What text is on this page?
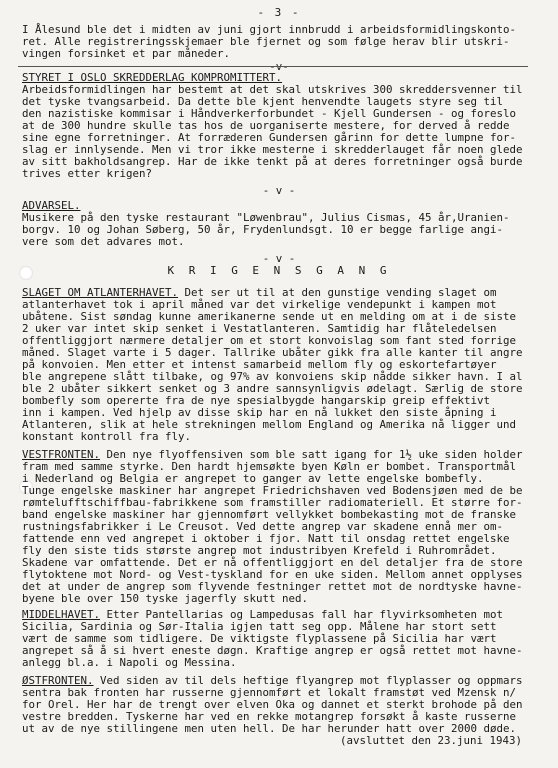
- 3 -
I Ålesund ble det i midten av juni gjort innbrudd i arbeidsformidlingskonto-
ret. Alle registreringsskjemaer ble fjernet og som følge herav blir utskri-
vingen forsinket et par måneder.
-v-
STYRET I OSLO SKREDDERLAG KOMPROMITTERT.
Arbeidsformidlingen har bestemt at det skal utskrives 300 skreddersvenner til
det tyske tvangsarbeid. Da dette ble kjent henvendte laugets styre seg til
den nazistiske kommisar i Håndverkerforbundet - Kjell Gundersen - og foreslo
at de 300 hundre skulle tas hos de uorganiserte mestere, for derved å redde
sine egne forretninger. At forræderen Gundersen gårinn for dette lumpne for-
slag er innlysende. Men vi tror ikke mesterne i skredderlauget får noen glede
av sitt bakholdsangrep. Har de ikke tenkt på at deres forretninger også burde
trives etter krigen?
- v -
ADVARSEL.
Musikere på den tyske restaurant "Løwenbrau", Julius Cismas, 45 år,Uranien-
borgv. 10 og Johan Søberg, 50 år, Frydenlundsgt. 10 er begge farlige angi-
vere som det advares mot.
- v -
K R I G E N S G A N G
SLAGET OM ATLANTERHAVET. Det ser ut til at den gunstige vending slaget om
atlanterhavet tok i april måned var det virkelige vendepunkt i kampen mot
ubåtene. Sist søndag kunne amerikanerne sende ut en melding om at i de siste
2 uker var intet skip senket i Vestatlanteren. Samtidig har flåteledelsen
offentliggjort nærmere detaljer om et stort konvoislag som fant sted forrige
måned. Slaget varte i 5 dager. Tallrike ubåter gikk fra alle kanter til angre
på konvoien. Men etter et intenst samarbeid mellom fly og eskortefartøyer
ble angrepene slått tilbake, og 97% av konvoiens skip nådde sikker havn. I al
ble 2 ubåter sikkert senket og 3 andre sannsynligvis ødelagt. Særlig de store
bombefly som opererte fra de nye spesialbygde hangarskip greip effektivt
inn i kampen. Ved hjelp av disse skip har en nå lukket den siste åpning i
Atlanteren, slik at hele strekningen mellom England og Amerika nå ligger und
konstant kontroll fra fly.
VESTFRONTEN. Den nye flyoffensiven som ble satt igang for 1½ uke siden holder
fram med samme styrke. Den hardt hjemsøkte byen Køln er bombet. Transportmål
i Nederland og Belgia er angrepet to ganger av lette engelske bombefly.
Tunge engelske maskiner har angrepet Friedrichshaven ved Bodensjøen med de be
rømtelufftschiffbau-fabrikkene som framstiller radiomateriell. Et større for-
band engelske maskiner har gjennomført vellykket bombekasting mot de franske
rustningsfabrikker i Le Creusot. Ved dette angrep var skadene ennå mer om-
fattende enn ved angrepet i oktober i fjor. Natt til onsdag rettet engelske
fly den siste tids største angrep mot industribyen Krefeld i Ruhrområdet.
Skadene var omfattende. Det er nå offentliggjort en del detaljer fra de store
flytoktene mot Nord- og Vest-tyskland for en uke siden. Mellom annet opplyses
det at under de angrep som flyvende festninger rettet mot de nordtyske havne-
byene ble over 150 tyske jagerfly skutt ned.
MIDDELHAVET. Etter Pantellarias og Lampedusas fall har flyvirksomheten mot
Sicilia, Sardinia og Sør-Italia igjen tatt seg opp. Målene har stort sett
vært de samme som tidligere. De viktigste flyplassene på Sicilia har vært
angrepet så å si hvert eneste døgn. Kraftige angrep er også rettet mot havne-
anlegg bl.a. i Napoli og Messina.
ØSTFRONTEN. Ved siden av til dels heftige flyangrep mot flyplasser og oppmars
sentra bak fronten har russerne gjennomført et lokalt framstøt ved Mzensk n/
for Orel. Her har de trengt over elven Oka og dannet et sterkt brohode på den
vestre bredden. Tyskerne har ved en rekke motangrep forsøkt å kaste russerne
ut av de nye stillingene men uten hell. De har herunder hatt over 2000 døde.
(avsluttet den 23.juni 1943)
